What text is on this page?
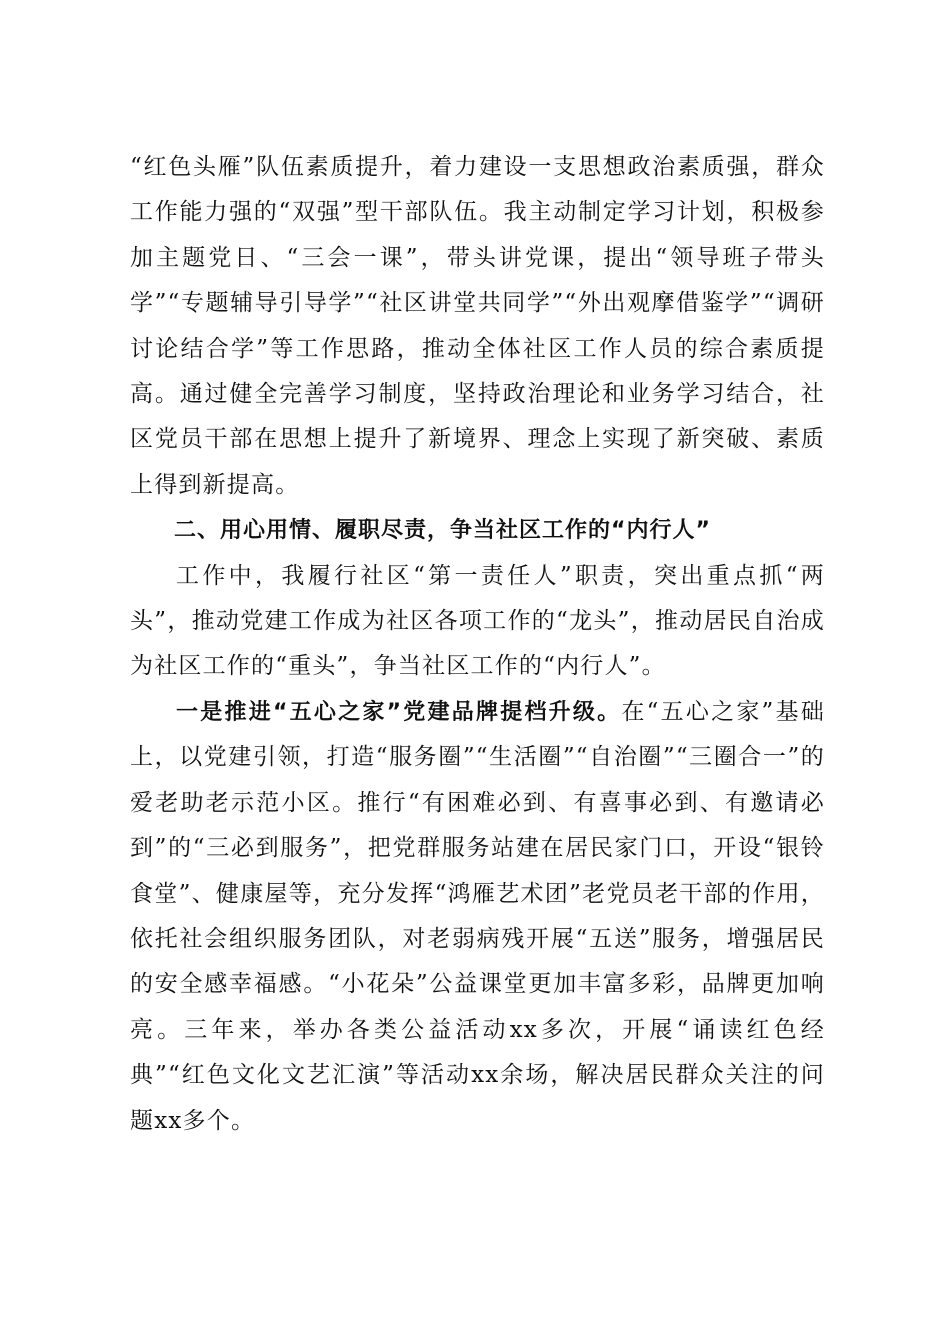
“红色头雁”队伍素质提升，着力建设一支思想政治素质强，群众工作能力强的“双强”型干部队伍。我主动制定学习计划，积极参加主题党日、“三会一课”，带头讲党课，提出“领导班子带头学”“专题辅导引导学”“社区讲堂共同学”“外出观摩借鉴学”“调研讨论结合学”等工作思路，推动全体社区工作人员的综合素质提高。通过健全完善学习制度，坚持政治理论和业务学习结合，社区党员干部在思想上提升了新境界、理念上实现了新突破、素质上得到新提高。

二、用心用情、履职尽责，争当社区工作的“内行人”

工作中，我履行社区“第一责任人”职责，突出重点抓“两头”，推动党建工作成为社区各项工作的“龙头”，推动居民自治成为社区工作的“重头”，争当社区工作的“内行人”。

一是推进“五心之家”党建品牌提档升级。在“五心之家”基础上，以党建引领，打造“服务圈”“生活圈”“自治圈”“三圈合一”的爱老助老示范小区。推行“有困难必到、有喜事必到、有邀请必到”的“三必到服务”，把党群服务站建在居民家门口，开设“银铃食堂”、健康屋等，充分发挥“鸿雁艺术团”老党员老干部的作用，依托社会组织服务团队，对老弱病残开展“五送”服务，增强居民的安全感幸福感。“小花朵”公益课堂更加丰富多彩，品牌更加响亮。三年来，举办各类公益活动xx多次，开展“诵读红色经典”“红色文化文艺汇演”等活动xx余场，解决居民群众关注的问题xx多个。
